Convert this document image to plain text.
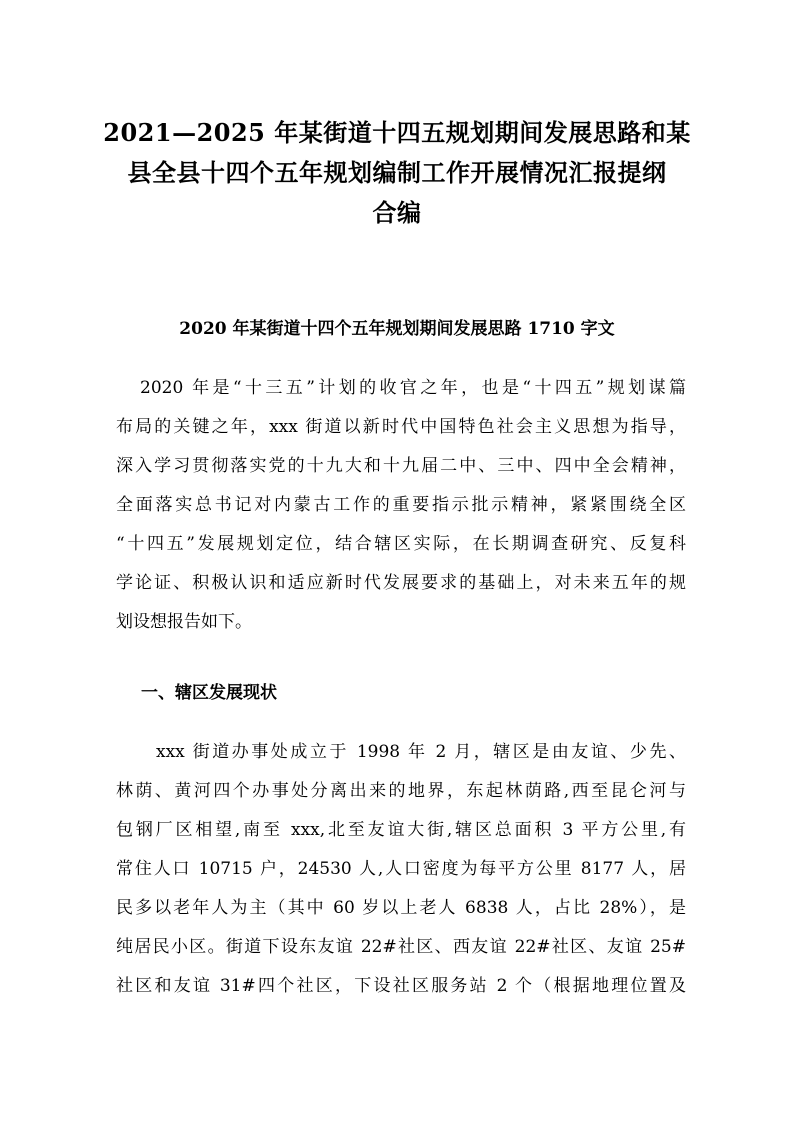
2021—2025 年某街道十四五规划期间发展思路和某
县全县十四个五年规划编制工作开展情况汇报提纲
合编
2020 年某街道十四个五年规划期间发展思路 1710 字文
2020 年是“十三五”计划的收官之年，也是“十四五”规划谋篇
布局的关键之年，xxx 街道以新时代中国特色社会主义思想为指导，
深入学习贯彻落实党的十九大和十九届二中、三中、四中全会精神，
全面落实总书记对内蒙古工作的重要指示批示精神，紧紧围绕全区
“十四五”发展规划定位，结合辖区实际，在长期调查研究、反复科
学论证、积极认识和适应新时代发展要求的基础上，对未来五年的规
划设想报告如下。
一、辖区发展现状
xxx 街道办事处成立于 1998 年 2 月，辖区是由友谊、少先、
林荫、黄河四个办事处分离出来的地界，东起林荫路,西至昆仑河与
包钢厂区相望,南至 xxx,北至友谊大街,辖区总面积 3 平方公里,有
常住人口 10715 户，24530 人,人口密度为每平方公里 8177 人，居
民多以老年人为主（其中 60 岁以上老人 6838 人，占比 28%），是
纯居民小区。街道下设东友谊 22#社区、西友谊 22#社区、友谊 25#
社区和友谊 31#四个社区，下设社区服务站 2 个（根据地理位置及
